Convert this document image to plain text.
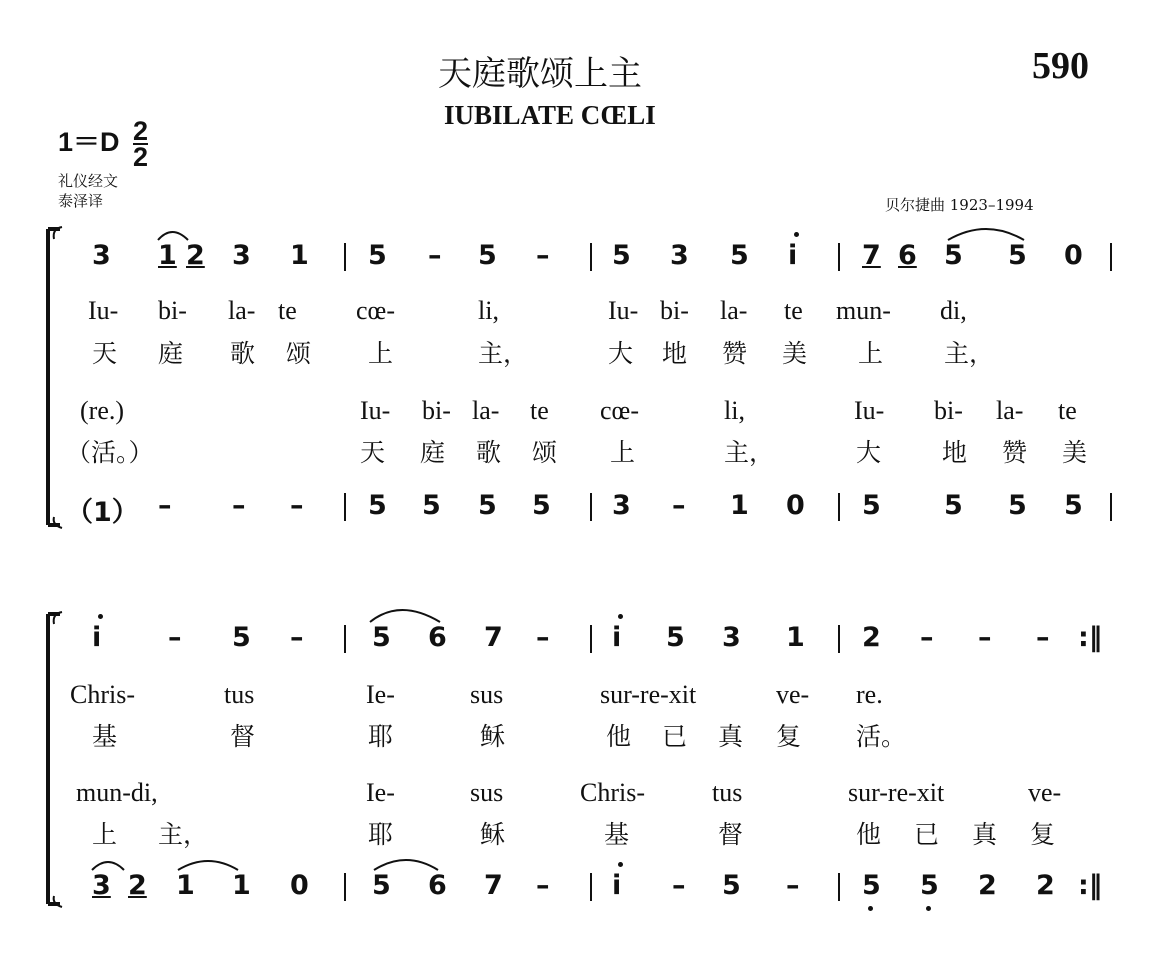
天庭歌颂上主
IUBILATE CŒLI
590
$1=D \frac{2}{2}$
礼仪经文
泰泽译	贝尔捷曲 1923–1994
3 1 2 3 1 5 – 5 – 5 3 5 i 7 6 5 5 0
Iu- bi- la- te cœ-	li,	Iu- bi- la- te mun- di,
天 庭 歌 颂 上	主，	大 地 赞 美 上 主，
(re.)	Iu- bi- la- te cœ-	li,	Iu- bi- la- te
（活。）	天 庭 歌 颂 上	主，	大 地 赞 美
（1） – – – 5 5 5 5 3 – 1 0 5 5 5 5
i – 5 –	5 6 7 – i 5 3 1 2 – – – :‖
Chris-	tus	Ie-	sus	sur-re-xit	ve- re.
基	督	耶	稣	他 已 真 复 活。
mun-di,	Ie-	sus	Chris-	tus	sur-re-xit	ve-
上 主，	耶	稣	基	督	他 已 真 复
3 2 1 1 0 5 6 7 – i – 5 – 5 5 2 2 :‖
